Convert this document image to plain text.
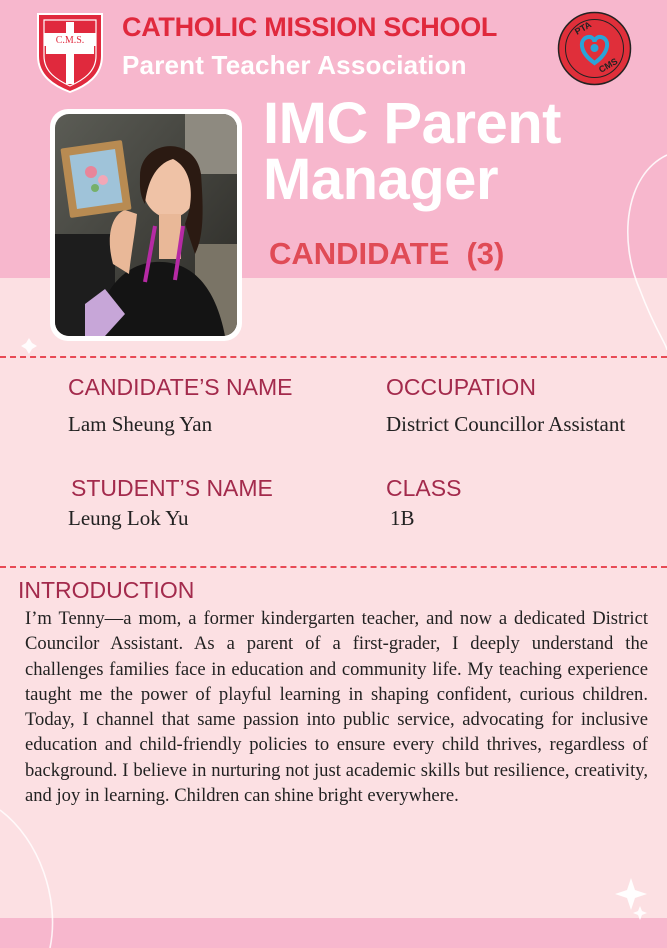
C.M.S.
PTA
CMS
CATHOLIC MISSION SCHOOL
Parent Teacher Association
IMC Parent
Manager
CANDIDATE  (3)
CANDIDATE’S NAME
Lam Sheung Yan
OCCUPATION
District Councillor Assistant
STUDENT’S NAME
Leung Lok Yu
CLASS
1B
INTRODUCTION

I’m Tenny—a mom, a former kindergarten teacher, and now a dedicated District Councilor Assistant. As a parent of a first-grader, I deeply understand the challenges families face in education and community life. My teaching experience taught me the power of playful learning in shaping confident, curious children. Today, I channel that same passion into public service, advocating for inclusive education and child-friendly policies to ensure every child thrives, regardless of background. I believe in nurturing not just academic skills but resilience, creativity, and joy in learning. Children can shine bright everywhere.
